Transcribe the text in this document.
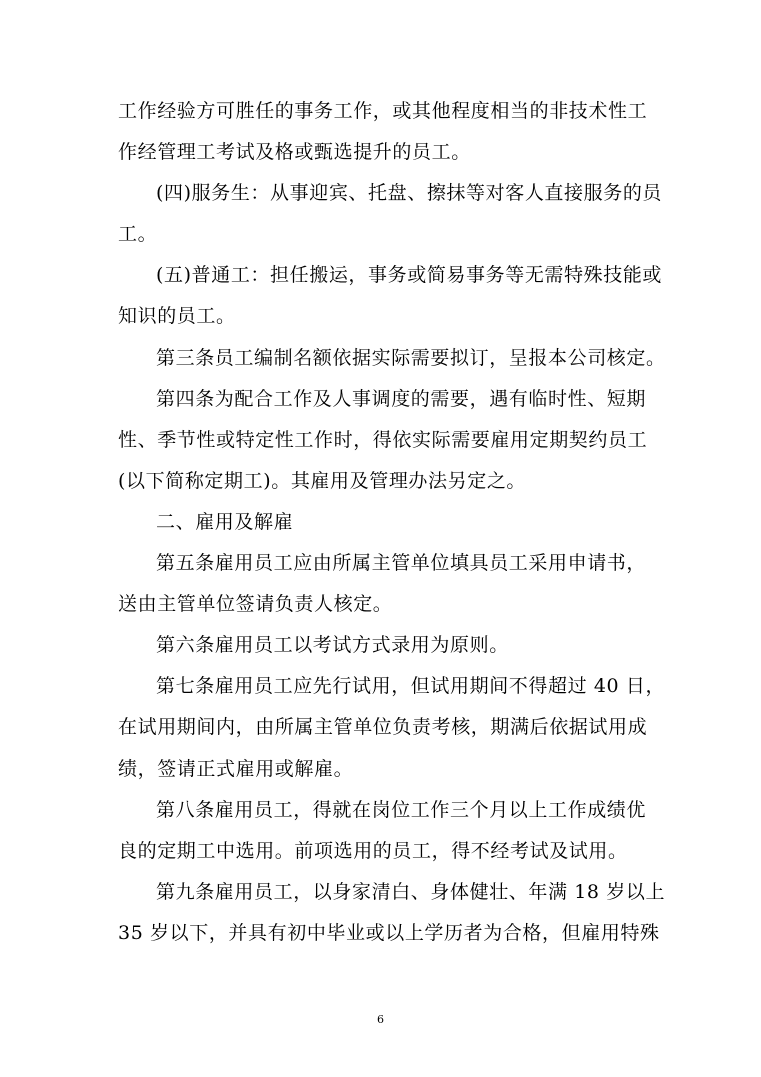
工作经验方可胜任的事务工作，或其他程度相当的非技术性工
作经管理工考试及格或甄选提升的员工。
(四)服务生：从事迎宾、托盘、擦抹等对客人直接服务的员
工。
(五)普通工：担任搬运，事务或简易事务等无需特殊技能或
知识的员工。
第三条员工编制名额依据实际需要拟订，呈报本公司核定。
第四条为配合工作及人事调度的需要，遇有临时性、短期
性、季节性或特定性工作时，得依实际需要雇用定期契约员工
(以下简称定期工)。其雇用及管理办法另定之。
二、雇用及解雇
第五条雇用员工应由所属主管单位填具员工采用申请书，
送由主管单位签请负责人核定。
第六条雇用员工以考试方式录用为原则。
第七条雇用员工应先行试用，但试用期间不得超过 40 日，
在试用期间内，由所属主管单位负责考核，期满后依据试用成
绩，签请正式雇用或解雇。
第八条雇用员工，得就在岗位工作三个月以上工作成绩优
良的定期工中选用。前项选用的员工，得不经考试及试用。
第九条雇用员工，以身家清白、身体健壮、年满 18 岁以上
35 岁以下，并具有初中毕业或以上学历者为合格，但雇用特殊
6
